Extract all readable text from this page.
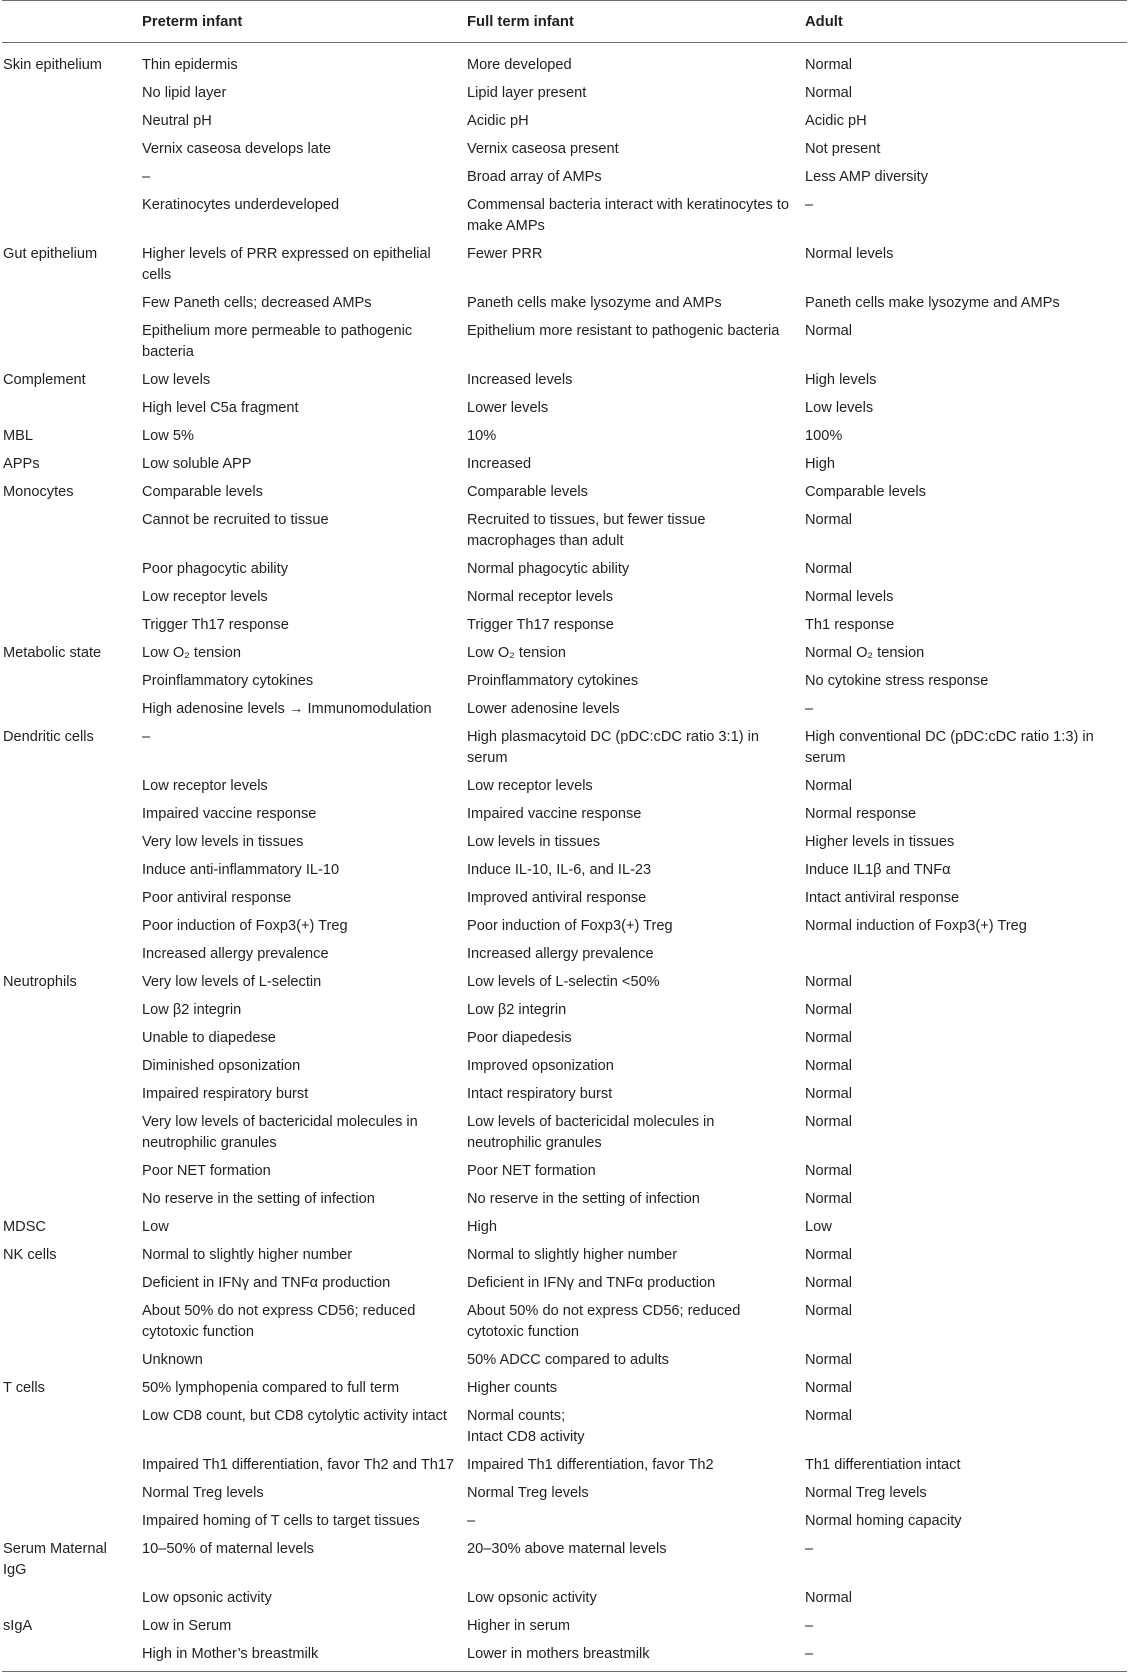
	Preterm infant	Full term infant	Adult

Skin epithelium	Thin epidermis	More developed	Normal

	No lipid layer	Lipid layer present	Normal

	Neutral pH	Acidic pH	Acidic pH

	Vernix caseosa develops late	Vernix caseosa present	Not present

	–	Broad array of AMPs	Less AMP diversity

	Keratinocytes underdeveloped	Commensal bacteria interact with keratinocytes to make AMPs	–

Gut epithelium	Higher levels of PRR expressed on epithelial cells	Fewer PRR	Normal levels

	Few Paneth cells; decreased AMPs	Paneth cells make lysozyme and AMPs	Paneth cells make lysozyme and AMPs

	Epithelium more permeable to pathogenic bacteria	Epithelium more resistant to pathogenic bacteria	Normal

Complement	Low levels	Increased levels	High levels

	High level C5a fragment	Lower levels	Low levels

MBL	Low 5%	10%	100%

APPs	Low soluble APP	Increased	High

Monocytes	Comparable levels	Comparable levels	Comparable levels

	Cannot be recruited to tissue	Recruited to tissues, but fewer tissue macrophages than adult	Normal

	Poor phagocytic ability	Normal phagocytic ability	Normal

	Low receptor levels	Normal receptor levels	Normal levels

	Trigger Th17 response	Trigger Th17 response	Th1 response

Metabolic state	Low O₂ tension	Low O₂ tension	Normal O₂ tension

	Proinflammatory cytokines	Proinflammatory cytokines	No cytokine stress response

	High adenosine levels → Immunomodulation	Lower adenosine levels	–

Dendritic cells	–	High plasmacytoid DC (pDC:cDC ratio 3:1) in serum	High conventional DC (pDC:cDC ratio 1:3) in serum

	Low receptor levels	Low receptor levels	Normal

	Impaired vaccine response	Impaired vaccine response	Normal response

	Very low levels in tissues	Low levels in tissues	Higher levels in tissues

	Induce anti-inflammatory IL-10	Induce IL-10, IL-6, and IL-23	Induce IL1β and TNFα

	Poor antiviral response	Improved antiviral response	Intact antiviral response

	Poor induction of Foxp3(+) Treg	Poor induction of Foxp3(+) Treg	Normal induction of Foxp3(+) Treg

	Increased allergy prevalence	Increased allergy prevalence	

Neutrophils	Very low levels of L-selectin	Low levels of L-selectin <50%	Normal

	Low β2 integrin	Low β2 integrin	Normal

	Unable to diapedese	Poor diapedesis	Normal

	Diminished opsonization	Improved opsonization	Normal

	Impaired respiratory burst	Intact respiratory burst	Normal

	Very low levels of bactericidal molecules in neutrophilic granules	Low levels of bactericidal molecules in neutrophilic granules	Normal

	Poor NET formation	Poor NET formation	Normal

	No reserve in the setting of infection	No reserve in the setting of infection	Normal

MDSC	Low	High	Low

NK cells	Normal to slightly higher number	Normal to slightly higher number	Normal

	Deficient in IFNγ and TNFα production	Deficient in IFNγ and TNFα production	Normal

	About 50% do not express CD56; reduced cytotoxic function	About 50% do not express CD56; reduced cytotoxic function	Normal

	Unknown	50% ADCC compared to adults	Normal

T cells	50% lymphopenia compared to full term	Higher counts	Normal

	Low CD8 count, but CD8 cytolytic activity intact	Normal counts;
Intact CD8 activity	Normal

	Impaired Th1 differentiation, favor Th2 and Th17	Impaired Th1 differentiation, favor Th2	Th1 differentiation intact

	Normal Treg levels	Normal Treg levels	Normal Treg levels

	Impaired homing of T cells to target tissues	–	Normal homing capacity

Serum Maternal IgG	10–50% of maternal levels	20–30% above maternal levels	–

	Low opsonic activity	Low opsonic activity	Normal

sIgA	Low in Serum	Higher in serum	–

	High in Mother’s breastmilk	Lower in mothers breastmilk	–
